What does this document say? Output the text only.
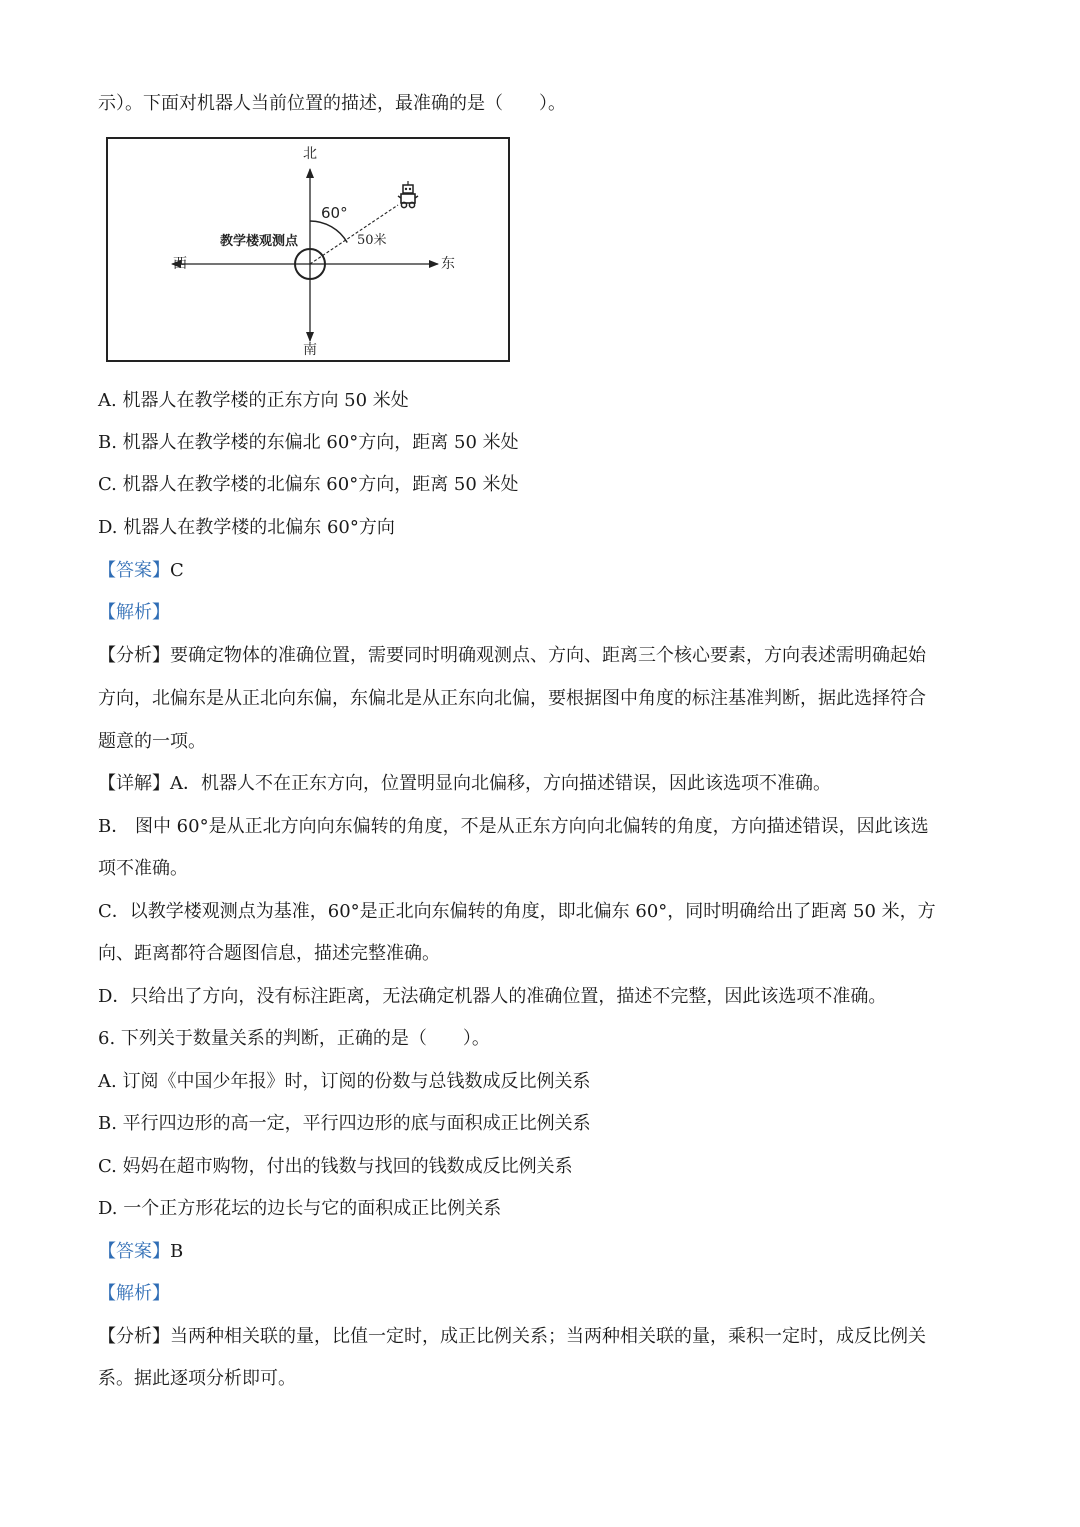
示）。下面对机器人当前位置的描述，最准确的是（　　）。
北
南
东
西
60°
50米
教学楼观测点
A. 机器人在教学楼的正东方向 50 米处
B. 机器人在教学楼的东偏北 60°方向，距离 50 米处
C. 机器人在教学楼的北偏东 60°方向，距离 50 米处
D. 机器人在教学楼的北偏东 60°方向
【答案】C
【解析】
【分析】要确定物体的准确位置，需要同时明确观测点、方向、距离三个核心要素，方向表述需明确起始
方向，北偏东是从正北向东偏，东偏北是从正东向北偏，要根据图中角度的标注基准判断，据此选择符合
题意的一项。
【详解】A．机器人不在正东方向，位置明显向北偏移，方向描述错误，因此该选项不准确。
B． 图中 60°是从正北方向向东偏转的角度，不是从正东方向向北偏转的角度，方向描述错误，因此该选
项不准确。
C．以教学楼观测点为基准，60°是正北向东偏转的角度，即北偏东 60°，同时明确给出了距离 50 米，方
向、距离都符合题图信息，描述完整准确。
D．只给出了方向，没有标注距离，无法确定机器人的准确位置，描述不完整，因此该选项不准确。
6. 下列关于数量关系的判断，正确的是（　　）。
A. 订阅《中国少年报》时，订阅的份数与总钱数成反比例关系
B. 平行四边形的高一定，平行四边形的底与面积成正比例关系
C. 妈妈在超市购物，付出的钱数与找回的钱数成反比例关系
D. 一个正方形花坛的边长与它的面积成正比例关系
【答案】B
【解析】
【分析】当两种相关联的量，比值一定时，成正比例关系；当两种相关联的量，乘积一定时，成反比例关
系。据此逐项分析即可。
